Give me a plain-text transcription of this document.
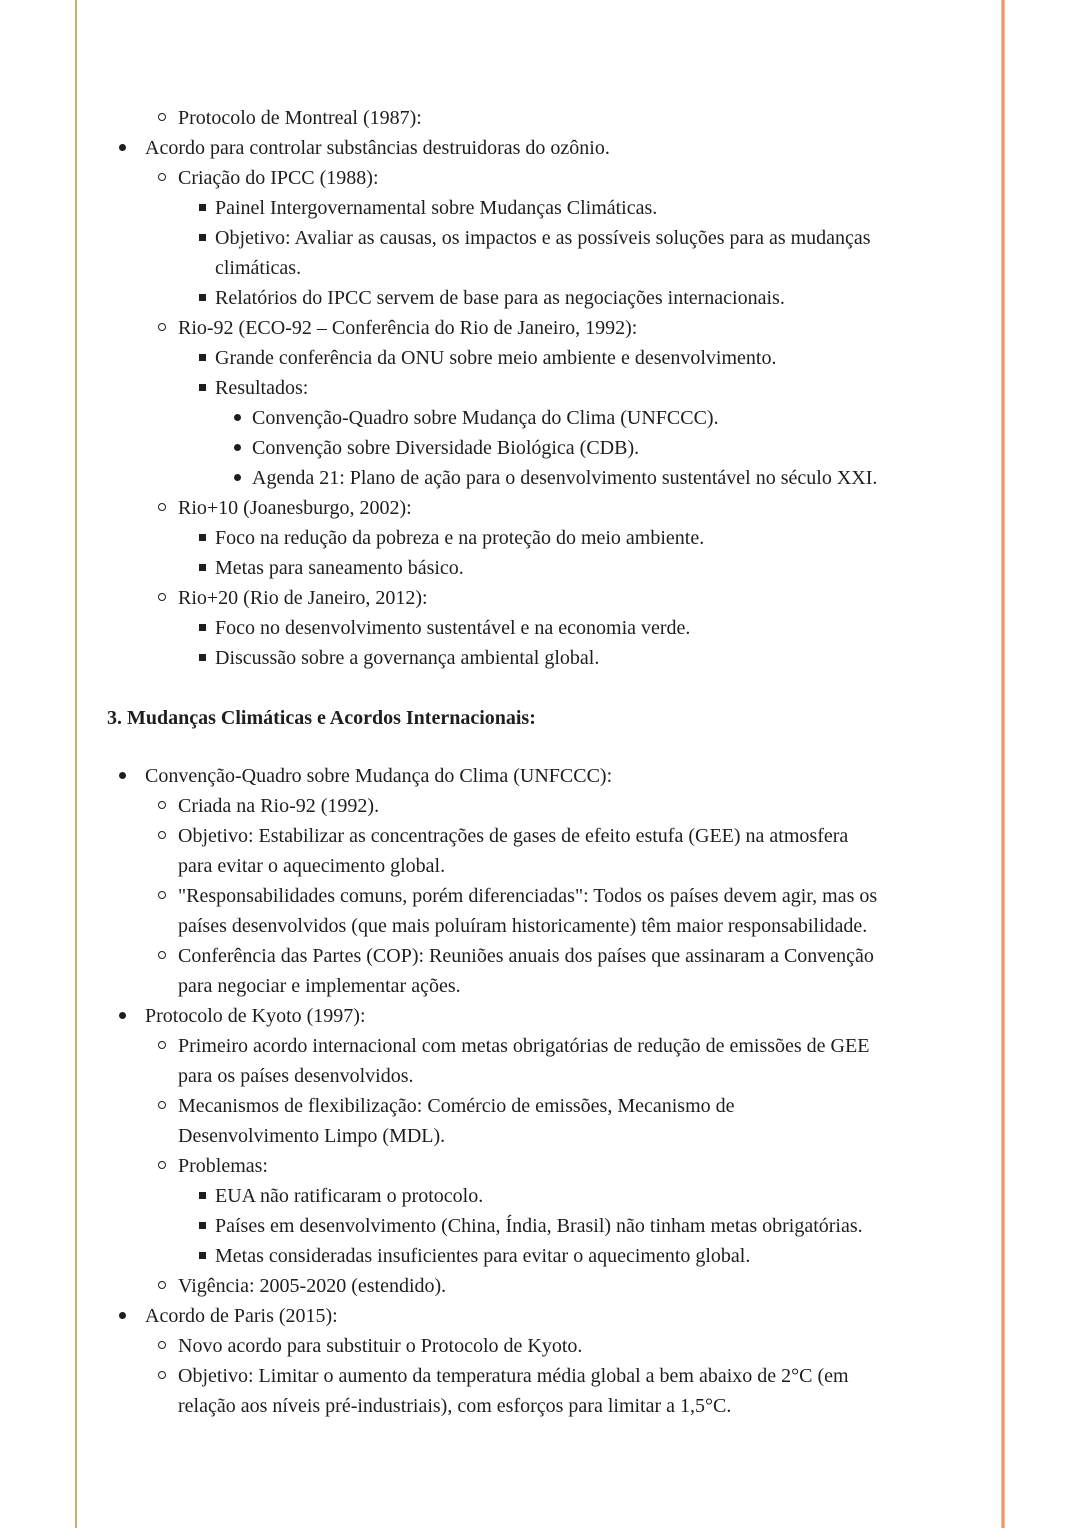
Protocolo de Montreal (1987):
Acordo para controlar substâncias destruidoras do ozônio.
Criação do IPCC (1988):
Painel Intergovernamental sobre Mudanças Climáticas.
Objetivo: Avaliar as causas, os impactos e as possíveis soluções para as mudanças
climáticas.
Relatórios do IPCC servem de base para as negociações internacionais.
Rio-92 (ECO-92 – Conferência do Rio de Janeiro, 1992):
Grande conferência da ONU sobre meio ambiente e desenvolvimento.
Resultados:
Convenção-Quadro sobre Mudança do Clima (UNFCCC).
Convenção sobre Diversidade Biológica (CDB).
Agenda 21: Plano de ação para o desenvolvimento sustentável no século XXI.
Rio+10 (Joanesburgo, 2002):
Foco na redução da pobreza e na proteção do meio ambiente.
Metas para saneamento básico.
Rio+20 (Rio de Janeiro, 2012):
Foco no desenvolvimento sustentável e na economia verde.
Discussão sobre a governança ambiental global.
3. Mudanças Climáticas e Acordos Internacionais:
Convenção-Quadro sobre Mudança do Clima (UNFCCC):
Criada na Rio-92 (1992).
Objetivo: Estabilizar as concentrações de gases de efeito estufa (GEE) na atmosfera
para evitar o aquecimento global.
"Responsabilidades comuns, porém diferenciadas": Todos os países devem agir, mas os
países desenvolvidos (que mais poluíram historicamente) têm maior responsabilidade.
Conferência das Partes (COP): Reuniões anuais dos países que assinaram a Convenção
para negociar e implementar ações.
Protocolo de Kyoto (1997):
Primeiro acordo internacional com metas obrigatórias de redução de emissões de GEE
para os países desenvolvidos.
Mecanismos de flexibilização: Comércio de emissões, Mecanismo de
Desenvolvimento Limpo (MDL).
Problemas:
EUA não ratificaram o protocolo.
Países em desenvolvimento (China, Índia, Brasil) não tinham metas obrigatórias.
Metas consideradas insuficientes para evitar o aquecimento global.
Vigência: 2005-2020 (estendido).
Acordo de Paris (2015):
Novo acordo para substituir o Protocolo de Kyoto.
Objetivo: Limitar o aumento da temperatura média global a bem abaixo de 2°C (em
relação aos níveis pré-industriais), com esforços para limitar a 1,5°C.
